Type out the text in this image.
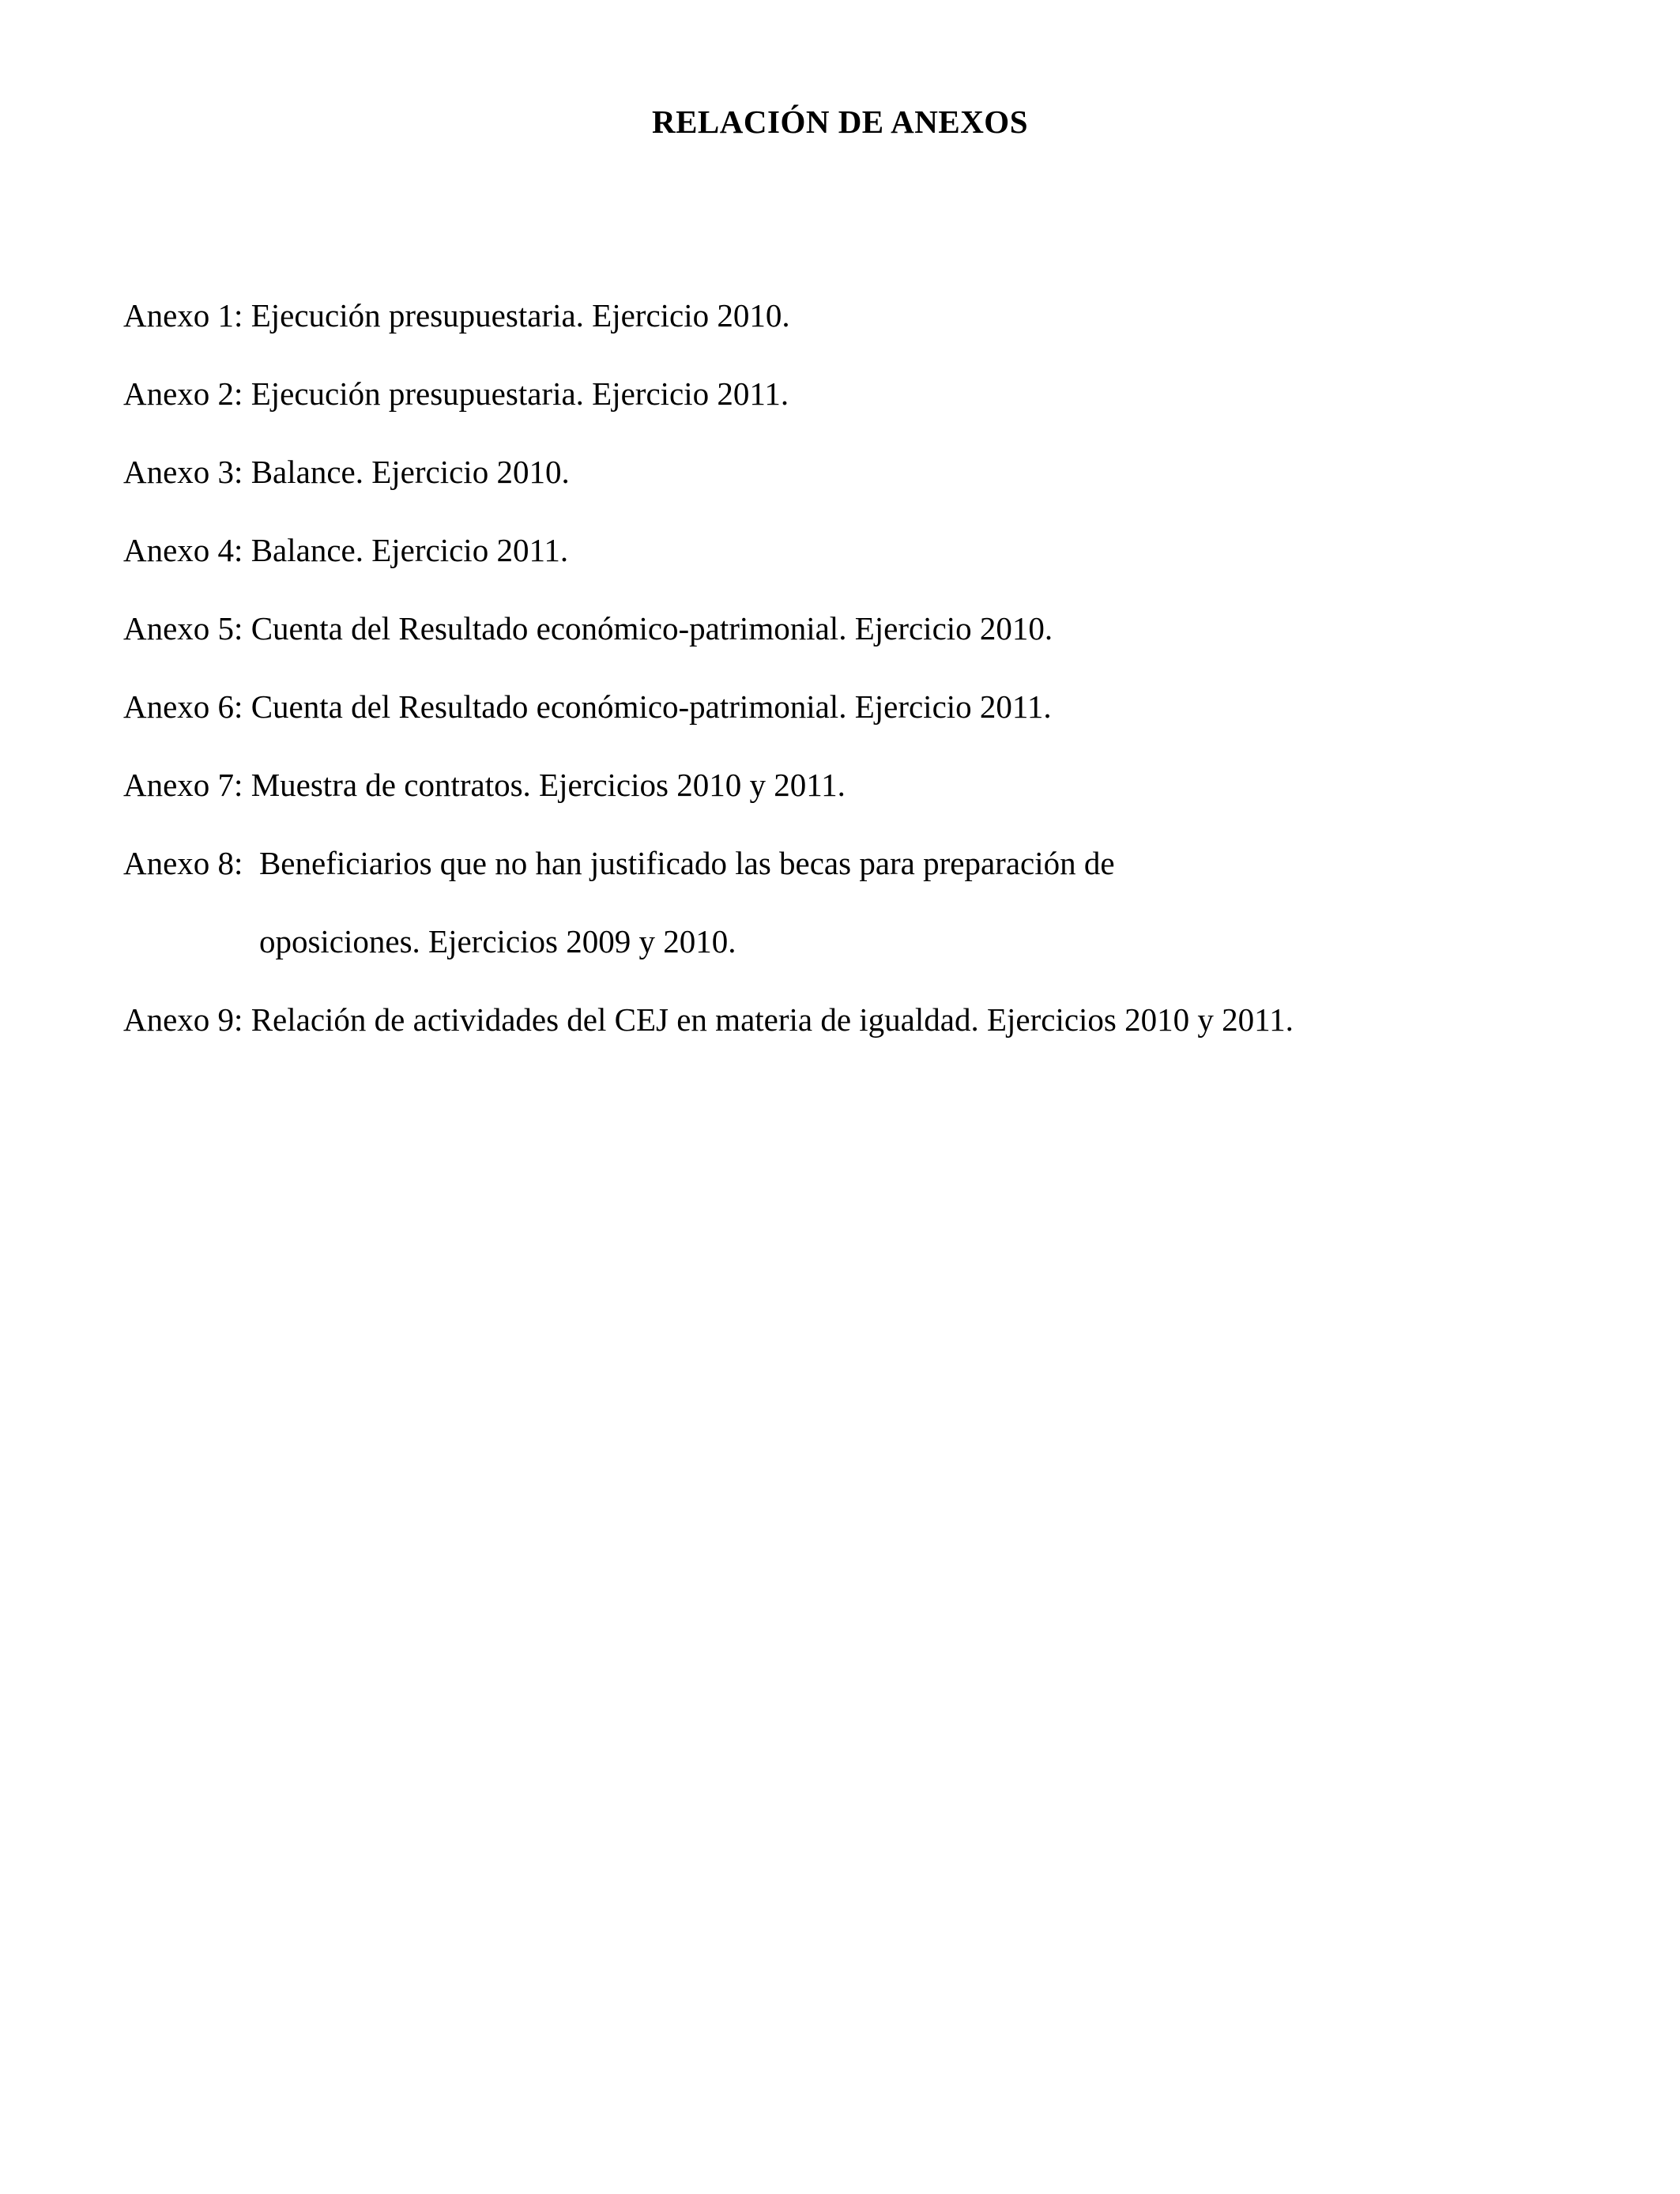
RELACIÓN DE ANEXOS
Anexo 1: Ejecución presupuestaria. Ejercicio 2010.
Anexo 2: Ejecución presupuestaria. Ejercicio 2011.
Anexo 3: Balance. Ejercicio 2010.
Anexo 4: Balance. Ejercicio 2011.
Anexo 5: Cuenta del Resultado económico-patrimonial. Ejercicio 2010.
Anexo 6: Cuenta del Resultado económico-patrimonial. Ejercicio 2011.
Anexo 7: Muestra de contratos. Ejercicios 2010 y 2011.
Anexo 8:
Beneficiarios que no han justificado las becas para preparación de
oposiciones. Ejercicios 2009 y 2010.
Anexo 9: Relación de actividades del CEJ en materia de igualdad. Ejercicios 2010 y 2011.
